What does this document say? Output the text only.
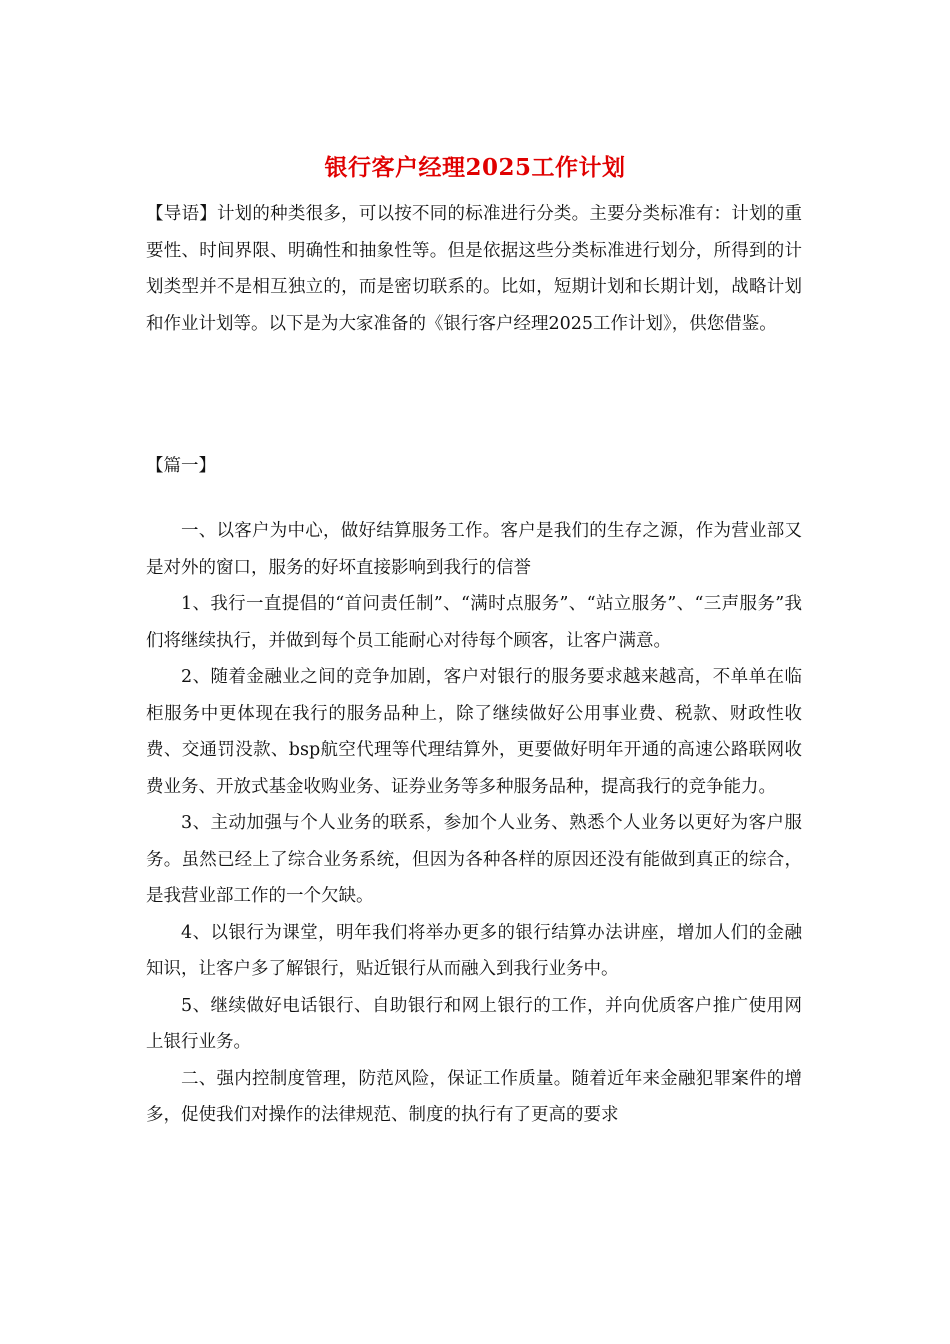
银行客户经理2025工作计划
【导语】计划的种类很多，可以按不同的标准进行分类。主要分类标准有：计划的重要性、时间界限、明确性和抽象性等。但是依据这些分类标准进行划分，所得到的计划类型并不是相互独立的，而是密切联系的。比如，短期计划和长期计划，战略计划和作业计划等。以下是为大家准备的《银行客户经理2025工作计划》，供您借鉴。
【篇一】

一、以客户为中心，做好结算服务工作。客户是我们的生存之源，作为营业部又是对外的窗口，服务的好坏直接影响到我行的信誉

1、我行一直提倡的“首问责任制”、“满时点服务”、“站立服务”、“三声服务”我们将继续执行，并做到每个员工能耐心对待每个顾客，让客户满意。

2、随着金融业之间的竞争加剧，客户对银行的服务要求越来越高，不单单在临柜服务中更体现在我行的服务品种上，除了继续做好公用事业费、税款、财政性收费、交通罚没款、bsp航空代理等代理结算外，更要做好明年开通的高速公路联网收费业务、开放式基金收购业务、证券业务等多种服务品种，提高我行的竞争能力。

3、主动加强与个人业务的联系，参加个人业务、熟悉个人业务以更好为客户服务。虽然已经上了综合业务系统，但因为各种各样的原因还没有能做到真正的综合，是我营业部工作的一个欠缺。

4、以银行为课堂，明年我们将举办更多的银行结算办法讲座，增加人们的金融知识，让客户多了解银行，贴近银行从而融入到我行业务中。

5、继续做好电话银行、自助银行和网上银行的工作，并向优质客户推广使用网上银行业务。

二、强内控制度管理，防范风险，保证工作质量。随着近年来金融犯罪案件的增多，促使我们对操作的法律规范、制度的执行有了更高的要求
